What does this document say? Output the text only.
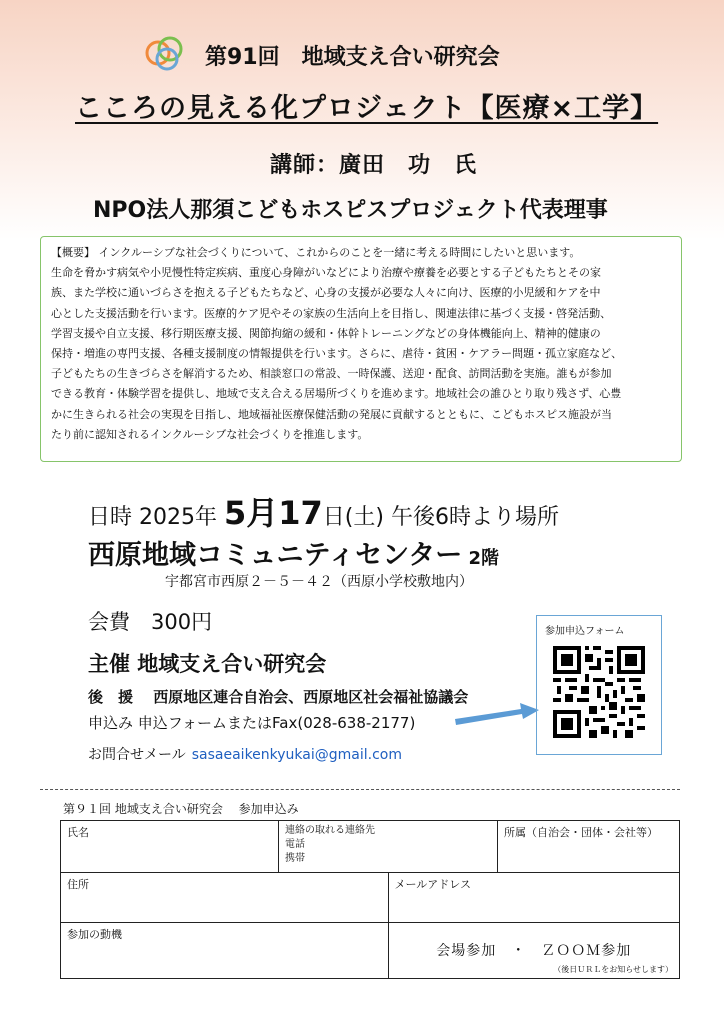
第91回　地域支え合い研究会
こころの見える化プロジェクト【医療×工学】
講師：廣田　功　氏
NPO法人那須こどもホスピスプロジェクト代表理事

【概要】 インクルーシブな社会づくりについて、これからのことを一緒に考える時間にしたいと思います。

生命を脅かす病気や小児慢性特定疾病、重度心身障がいなどにより治療や療養を必要とする子どもたちとその家

族、また学校に通いづらさを抱える子どもたちなど、心身の支援が必要な人々に向け、医療的小児緩和ケアを中

心とした支援活動を行います。医療的ケア児やその家族の生活向上を目指し、関連法律に基づく支援・啓発活動、

学習支援や自立支援、移行期医療支援、関節拘縮の緩和・体幹トレーニングなどの身体機能向上、精神的健康の

保持・増進の専門支援、各種支援制度の情報提供を行います。さらに、虐待・貧困・ケアラー問題・孤立家庭など、

子どもたちの生きづらさを解消するため、相談窓口の常設、一時保護、送迎・配食、訪問活動を実施。誰もが参加

できる教育・体験学習を提供し、地域で支え合える居場所づくりを進めます。地域社会の誰ひとり取り残さず、心豊

かに生きられる社会の実現を目指し、地域福祉医療保健活動の発展に貢献するとともに、こどもホスピス施設が当

たり前に認知されるインクルーシブな社会づくりを推進します。

日時 2025年 5月17日(土) 午後6時より場所
西原地域コミュニティセンター 2階
宇都宮市西原２－５－４２（西原小学校敷地内）
会費　300円
主催 地域支え合い研究会
後　援　 西原地区連合自治会、西原地区社会福祉協議会
申込み 申込フォームまたはFax(028-638-2177)
お問合せメール sasaeaikenkyukai@gmail.com
参加申込フォーム
第９１回 地域支え合い研究会　 参加申込み
氏名	連絡の取れる連絡先
電話
携帯		所属（自治会・団体・会社等）
住所		メールアドレス	
参加の動機		会場参加　・　ＺＯＯＭ参加
（後日ＵＲＬをお知らせします）	
